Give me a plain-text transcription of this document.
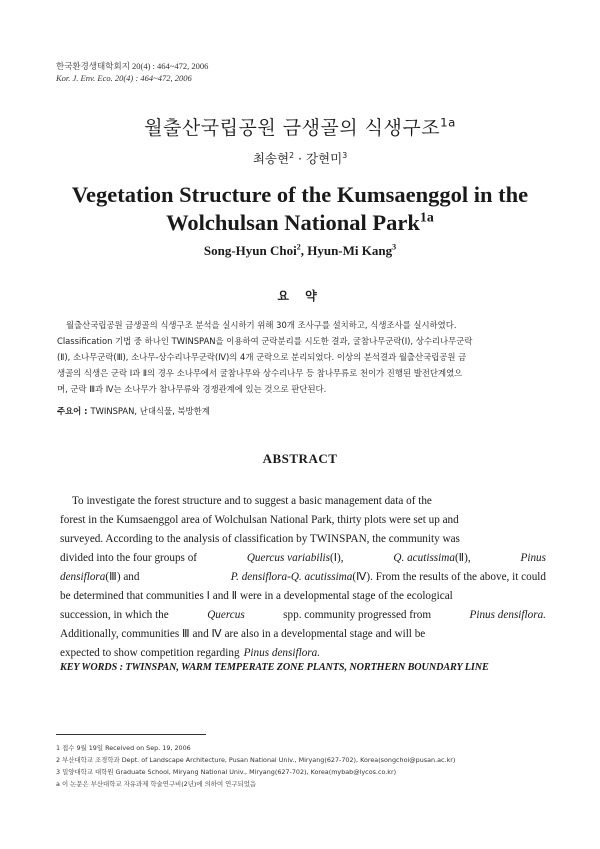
한국환경생태학회지 20(4) : 464~472, 2006
Kor. J. Env. Eco. 20(4) : 464~472, 2006
월출산국립공원 금생골의 식생구조$^{1a}$
최송현$^2$ · 강현미$^3$
Vegetation Structure of the Kumsaenggol in the
Wolchulsan National Park$^{1a}$
Song-Hyun Choi$^2$, Hyun-Mi Kang$^3$
요 약
월출산국립공원 금생골의 식생구조 분석을 실시하기 위해 30개 조사구를 설치하고, 식생조사를 실시하였다.
Classification 기법 중 하나인 TWINSPAN을 이용하여 군락분리를 시도한 결과, 굴참나무군락(Ⅰ), 상수리나무군락
(Ⅱ), 소나무군락(Ⅲ), 소나무-상수리나무군락(Ⅳ)의 4개 군락으로 분리되었다. 이상의 분석결과 월출산국립공원 금
생골의 식생은 군락 Ⅰ과 Ⅱ의 경우 소나무에서 굴참나무와 상수리나무 등 참나무류로 천이가 진행된 발전단계였으
며, 군락 Ⅲ과 Ⅳ는 소나무가 참나무류와 경쟁관계에 있는 것으로 판단된다.
주요어 : TWINSPAN, 난대식물, 북방한계
ABSTRACT
To investigate the forest structure and to suggest a basic management data of the
forest in the Kumsaenggol area of Wolchulsan National Park, thirty plots were set up and
surveyed. According to the analysis of classification by TWINSPAN, the community was
divided into the four groups of	Quercus variabilis(Ⅰ),	Q. acutissima(Ⅱ),	Pinus
densiflora(Ⅲ) and	P. densiflora-Q. acutissima(Ⅳ). From the results of the above, it could
be determined that communities Ⅰ and Ⅱ were in a developmental stage of the ecological
succession, in which the	Quercus	spp. community progressed from	Pinus densiflora.
Additionally, communities Ⅲ and Ⅳ are also in a developmental stage and will be
expected to show competition regarding Pinus densiflora.
KEY WORDS : TWINSPAN, WARM TEMPERATE ZONE PLANTS, NORTHERN BOUNDARY LINE
1 접수 9월 19일 Received on Sep. 19, 2006
2 부산대학교 조경학과 Dept. of Landscape Architecture, Pusan National Univ., Miryang(627-702), Korea(songchoi@pusan.ac.kr)
3 밀양대학교 대학원 Graduate School, Miryang National Univ., Miryang(627-702), Korea(mybab@lycos.co.kr)
a 이 논문은 부산대학교 자유과제 학술연구비(2년)에 의하여 연구되었음
